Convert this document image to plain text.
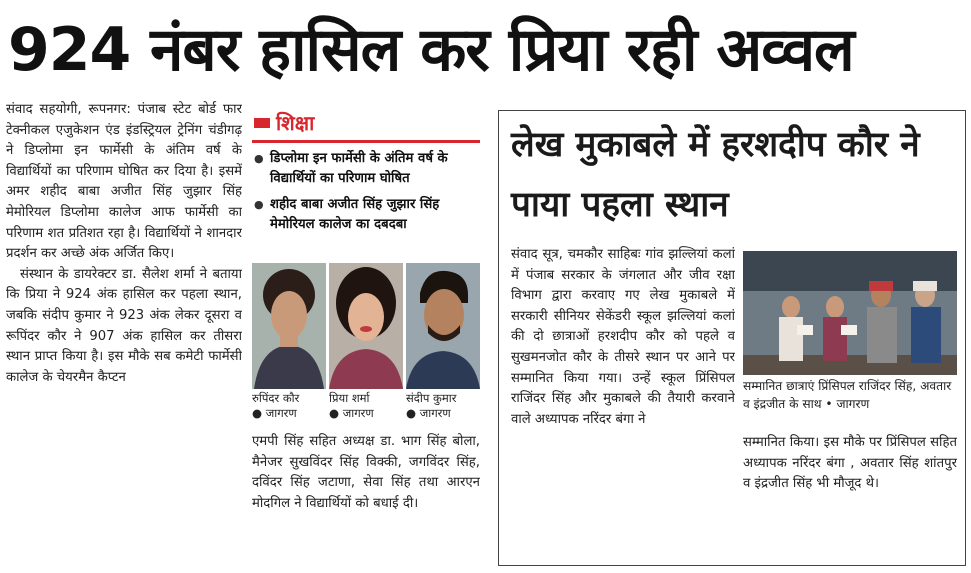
924 नंबर हासिल कर प्रिया रही अव्वल

संवाद सहयोगी, रूपनगर: पंजाब स्टेट बोर्ड फार टेक्नीकल एजुकेशन एंड इंडस्ट्रियल ट्रेनिंग चंडीगढ़ ने डिप्लोमा इन फार्मेसी के अंतिम वर्ष के विद्यार्थियों का परिणाम घोषित कर दिया है। इसमें अमर शहीद बाबा अजीत सिंह जुझार सिंह मेमोरियल डिप्लोमा कालेज आफ फार्मेसी का परिणाम शत प्रतिशत रहा है। विद्यार्थियों ने शानदार प्रदर्शन कर अच्छे अंक अर्जित किए।

संस्थान के डायरेक्टर डा. सैलेश शर्मा ने बताया कि प्रिया ने 924 अंक हासिल कर पहला स्थान, जबकि संदीप कुमार ने 923 अंक लेकर दूसरा व रूपिंदर कौर ने 907 अंक हासिल कर तीसरा स्थान प्राप्त किया है। इस मौके सब कमेटी फार्मेसी कालेज के चेयरमैन कैप्टन

शिक्षा
● डिप्लोमा इन फार्मेसी के अंतिम वर्ष के विद्यार्थियों का परिणाम घोषित
● शहीद बाबा अजीत सिंह जुझार सिंह मेमोरियल कालेज का दबदबा
रुपिंदर कौर
● जागरण
प्रिया शर्मा
● जागरण
संदीप कुमार
● जागरण

एमपी सिंह सहित अध्यक्ष डा. भाग सिंह बोला, मैनेजर सुखविंदर सिंह विक्की, जगविंदर सिंह, दविंदर सिंह जटाणा, सेवा सिंह तथा आरएन मोदगिल ने विद्यार्थियों को बधाई दी।

लेख मुकाबले में हरशदीप कौर ने पाया पहला स्थान

संवाद सूत्र, चमकौर साहिबः गांव झल्लियां कलां में पंजाब सरकार के जंगलात और जीव रक्षा विभाग द्वारा करवाए गए लेख मुकाबले में सरकारी सीनियर सेकेंडरी स्कूल झल्लियां कलां की दो छात्राओं हरशदीप कौर को पहले व सुखमनजोत कौर के तीसरे स्थान पर आने पर सम्मानित किया गया। उन्हें स्कूल प्रिंसिपल राजिंदर सिंह और मुकाबले की तैयारी करवाने वाले अध्यापक नरिंदर बंगा ने

सम्मानित छात्राएं प्रिंसिपल राजिंदर सिंह, अवतार व इंद्रजीत के साथ • जागरण

सम्मानित किया। इस मौके पर प्रिंसिपल सहित अध्यापक नरिंदर बंगा , अवतार सिंह शांतपुर व इंद्रजीत सिंह भी मौजूद थे।
